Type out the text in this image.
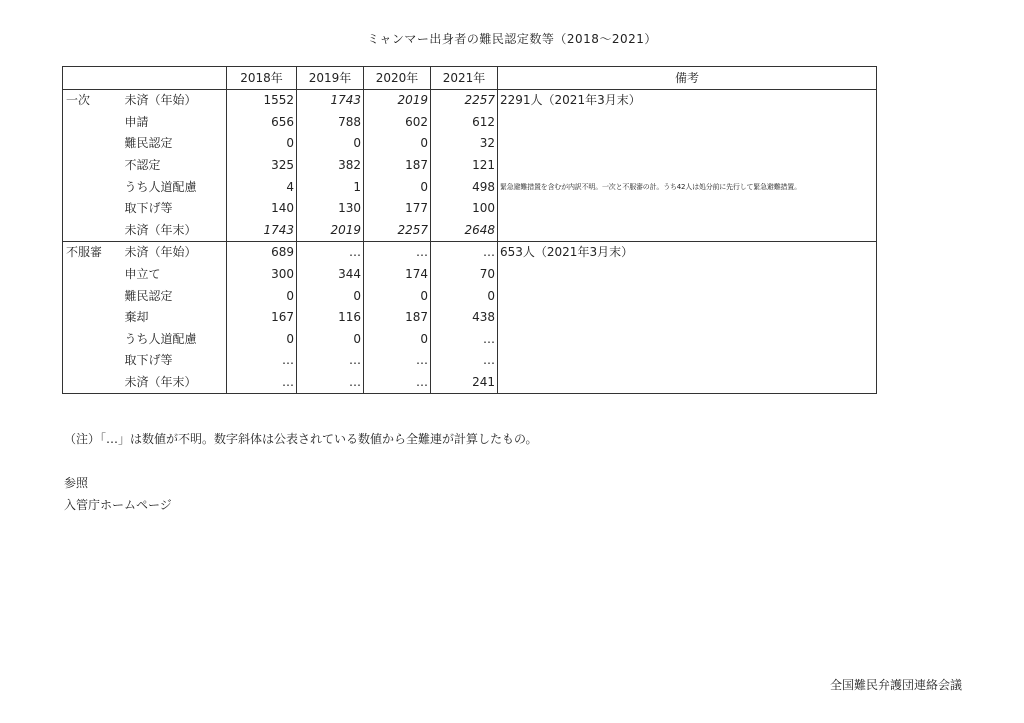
ミャンマー出身者の難民認定数等（2018〜2021）
		2018年	2019年	2020年	2021年	備考
一次	未済（年始）	1552	1743	2019	2257	2291人（2021年3月末）
	申請	656	788	602	612	
	難民認定	0	0	0	32	
	不認定	325	382	187	121	
	うち人道配慮	4	1	0	498	緊急避難措置を含むが内訳不明。一次と不服審の計。うち42人は処分前に先行して緊急避難措置。
	取下げ等	140	130	177	100	
	未済（年末）	1743	2019	2257	2648	
不服審	未済（年始）	689	…	…	…	653人（2021年3月末）
	申立て	300	344	174	70	
	難民認定	0	0	0	0	
	棄却	167	116	187	438	
	うち人道配慮	0	0	0	…	
	取下げ等	…	…	…	…	
	未済（年末）	…	…	…	241	
（注）「…」は数値が不明。数字斜体は公表されている数値から全難連が計算したもの。
参照
入管庁ホームページ
全国難民弁護団連絡会議
